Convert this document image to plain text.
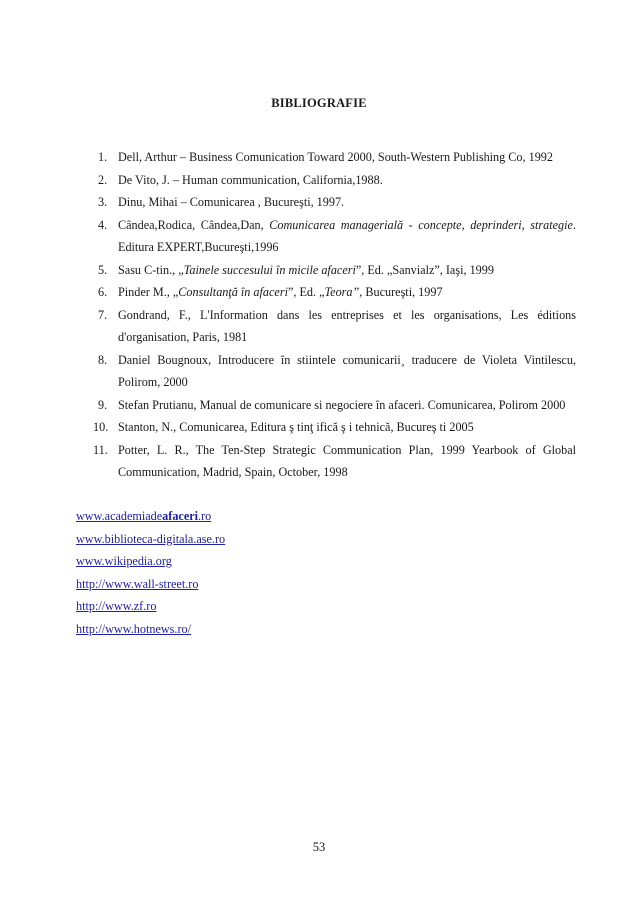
BIBLIOGRAFIE
1. Dell, Arthur – Business Comunication Toward 2000, South-Western Publishing Co, 1992
2. De Vito, J. – Human communication, California,1988.
3. Dinu, Mihai – Comunicarea , Bucureşti, 1997.
4. Cândea,Rodica, Cândea,Dan, Comunicarea managerială - concepte, deprinderi, strategie. Editura EXPERT,Bucureşti,1996
5. Sasu C-tin., „Tainele succesului în micile afaceri”, Ed. „Sanvialz”, Iaşi, 1999
6. Pinder M., „Consultanţă în afaceri”, Ed. „Teora”, Bucureşti, 1997
7. Gondrand, F., L'Information dans les entreprises et les organisations, Les éditions d'organisation, Paris, 1981
8. Daniel Bougnoux, Introducere în stiintele comunicarii¸ traducere de Violeta Vintilescu, Polirom, 2000
9. Stefan Prutianu, Manual de comunicare si negociere în afaceri. Comunicarea, Polirom 2000
10. Stanton, N., Comunicarea, Editura ş tinţ ifică ş i tehnică, Bucureş ti 2005
11. Potter, L. R., The Ten-Step Strategic Communication Plan, 1999 Yearbook of Global Communication, Madrid, Spain, October, 1998
www.academiadeafaceri.ro
www.biblioteca-digitala.ase.ro
www.wikipedia.org
http://www.wall-street.ro
http://www.zf.ro
http://www.hotnews.ro/
53
